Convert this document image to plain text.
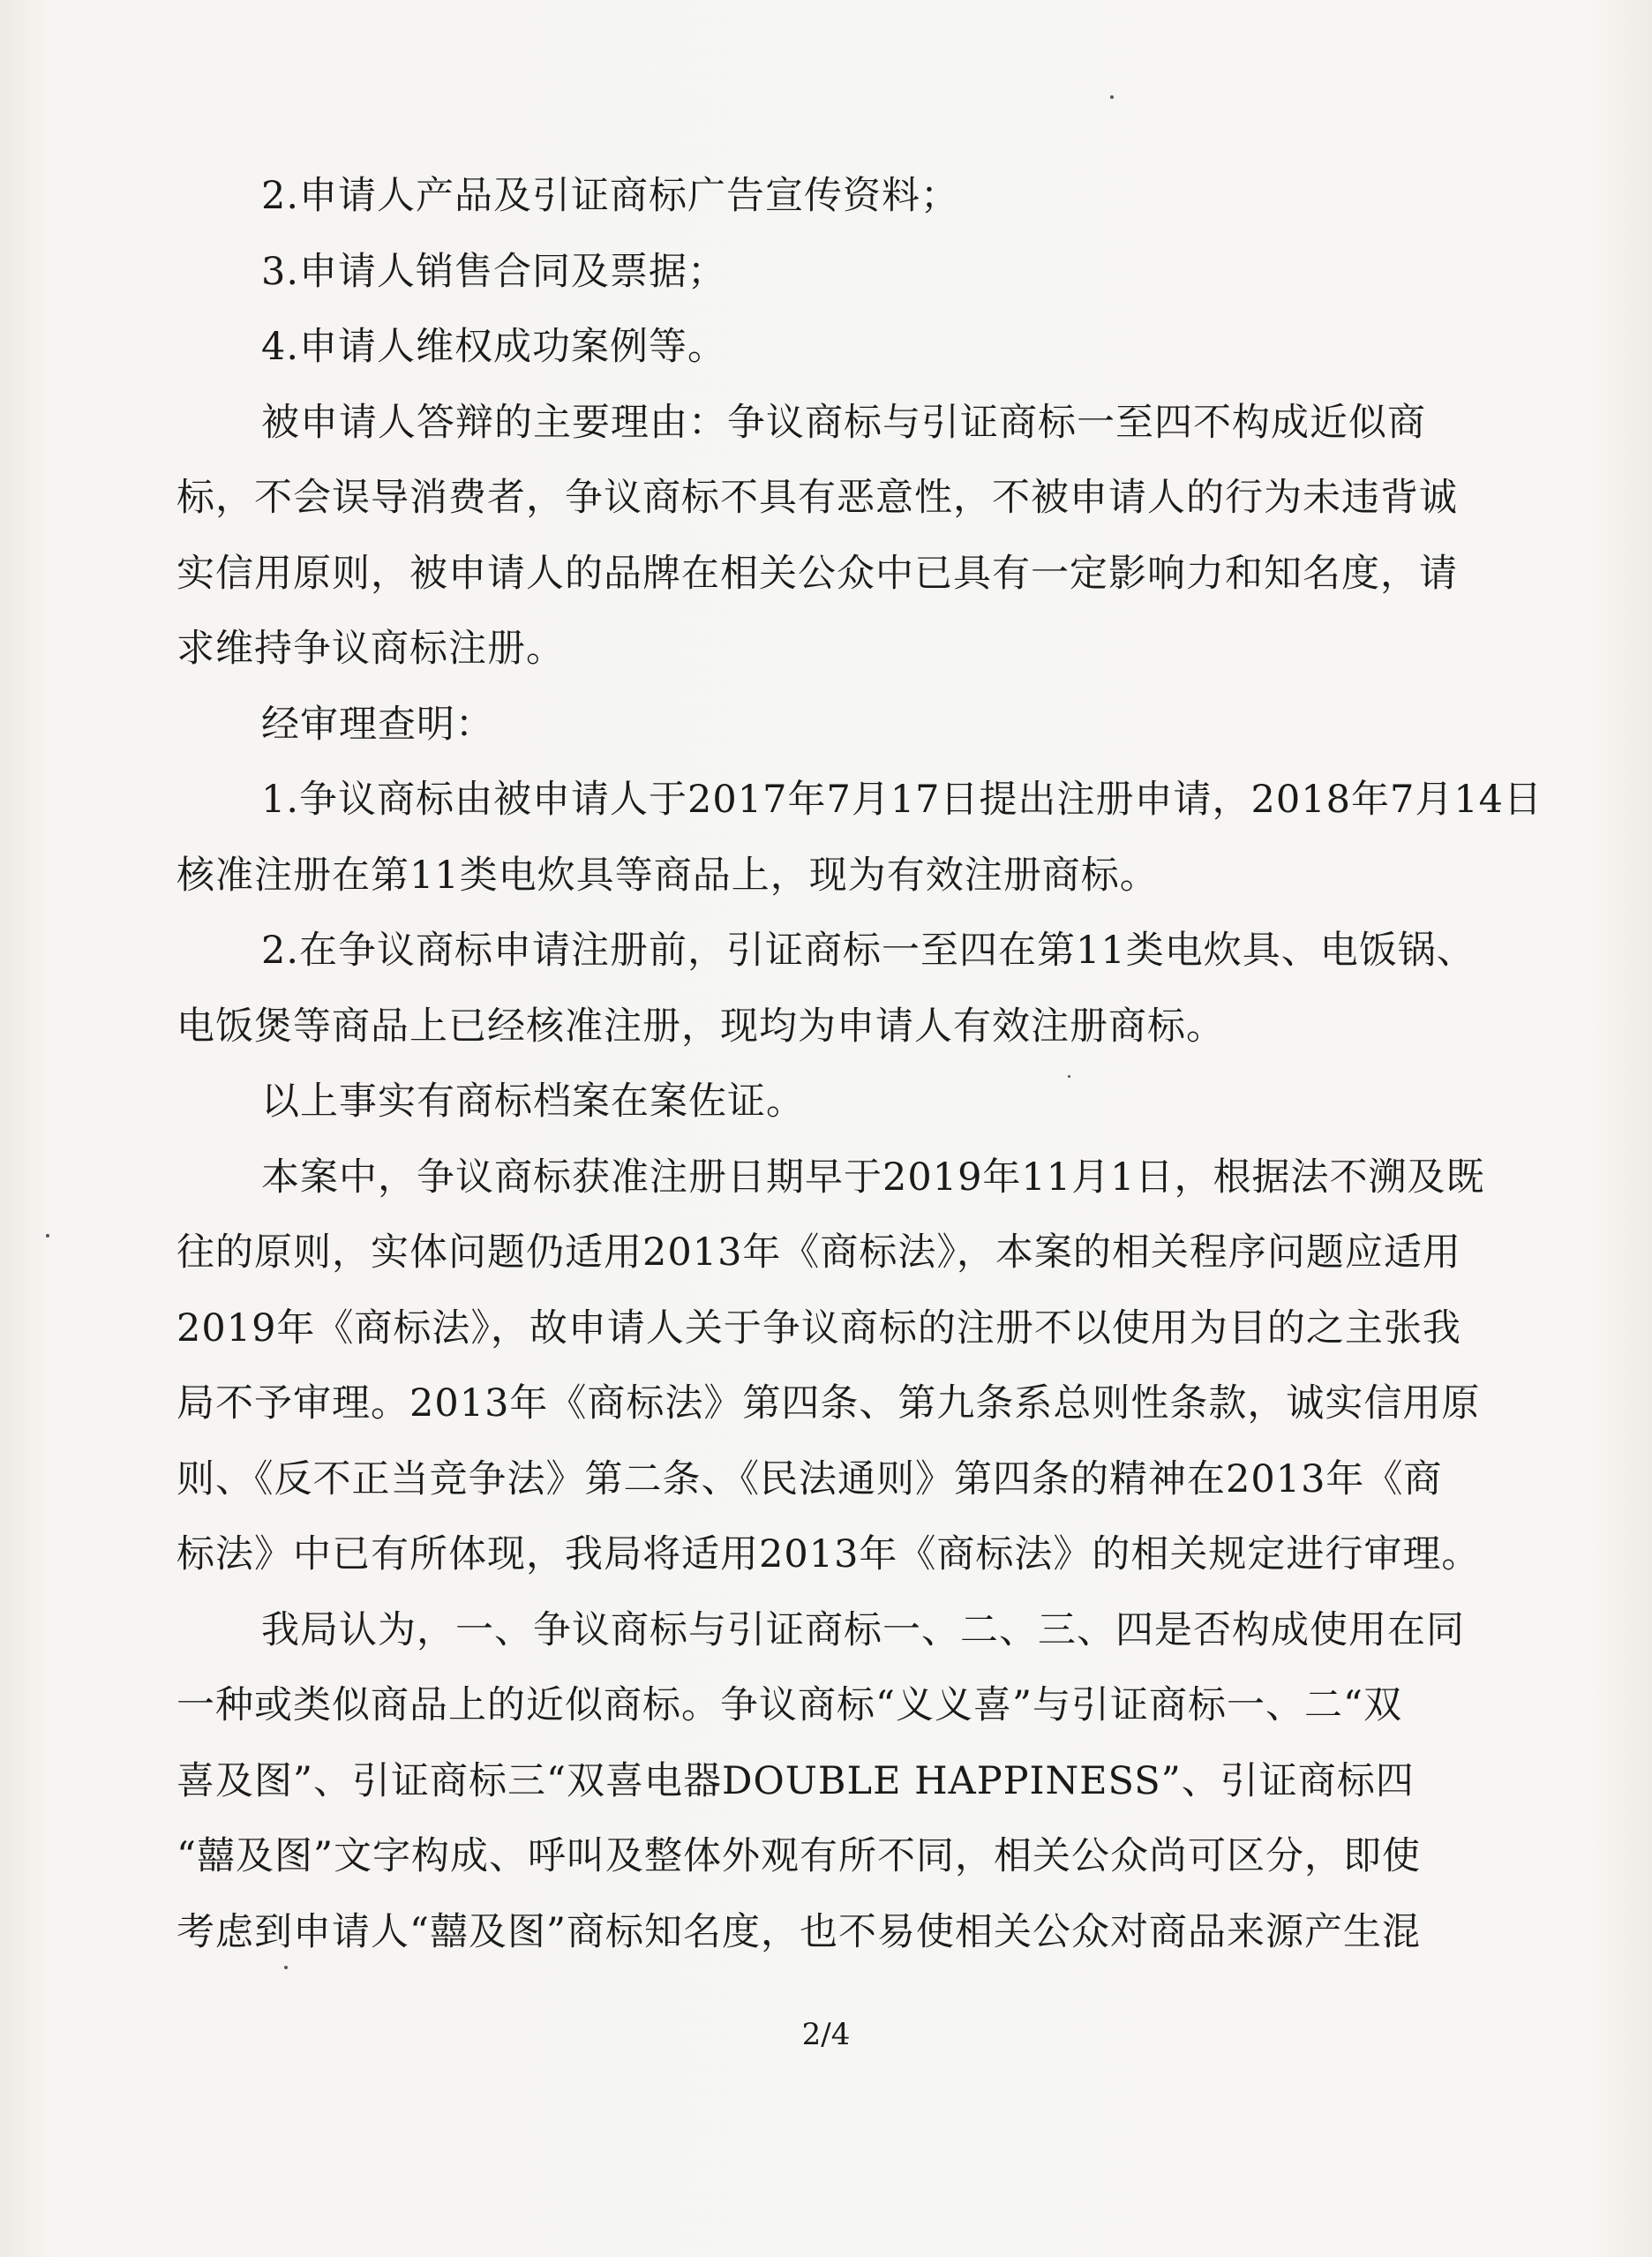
2.申请人产品及引证商标广告宣传资料；
3.申请人销售合同及票据；
4.申请人维权成功案例等。
被申请人答辩的主要理由：争议商标与引证商标一至四不构成近似商
标，不会误导消费者，争议商标不具有恶意性，不被申请人的行为未违背诚
实信用原则，被申请人的品牌在相关公众中已具有一定影响力和知名度，请
求维持争议商标注册。
经审理查明：
1.争议商标由被申请人于2017年7月17日提出注册申请，2018年7月14日
核准注册在第11类电炊具等商品上，现为有效注册商标。
2.在争议商标申请注册前，引证商标一至四在第11类电炊具、电饭锅、
电饭煲等商品上已经核准注册，现均为申请人有效注册商标。
以上事实有商标档案在案佐证。
本案中，争议商标获准注册日期早于2019年11月1日，根据法不溯及既
往的原则，实体问题仍适用2013年《商标法》，本案的相关程序问题应适用
2019年《商标法》，故申请人关于争议商标的注册不以使用为目的之主张我
局不予审理。2013年《商标法》第四条、第九条系总则性条款，诚实信用原
则、《反不正当竞争法》第二条、《民法通则》第四条的精神在2013年《商
标法》中已有所体现，我局将适用2013年《商标法》的相关规定进行审理。
我局认为，一、争议商标与引证商标一、二、三、四是否构成使用在同
一种或类似商品上的近似商标。争议商标“义义喜”与引证商标一、二“双
喜及图”、引证商标三“双喜电器DOUBLE HAPPINESS”、引证商标四
“囍及图”文字构成、呼叫及整体外观有所不同，相关公众尚可区分，即使
考虑到申请人“囍及图”商标知名度，也不易使相关公众对商品来源产生混
2/4
